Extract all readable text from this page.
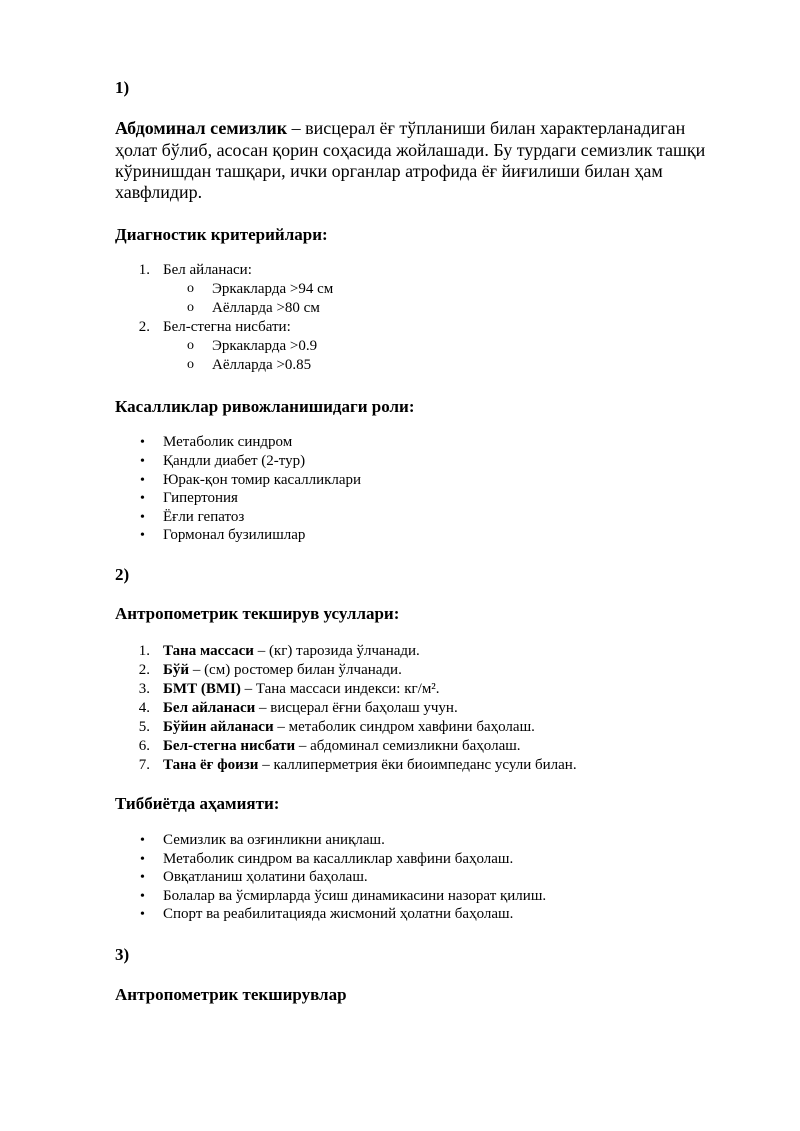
1)
Абдоминал семизлик – висцерал ёғ тўпланиши билан характерланадиган
ҳолат бўлиб, асосан қорин соҳасида жойлашади. Бу турдаги семизлик ташқи
кўринишдан ташқари, ички органлар атрофида ёғ йиғилиши билан ҳам
хавфлидир.
Диагностик критерийлари:
1. Бел айланаси:
o Эркакларда >94 см
o Аёлларда >80 см
2. Бел-стегна нисбати:
o Эркакларда >0.9
o Аёлларда >0.85
Касалликлар ривожланишидаги роли:
• Метаболик синдром
• Қандли диабет (2-тур)
• Юрак-қон томир касалликлари
• Гипертония
• Ёғли гепатоз
• Гормонал бузилишлар
2)
Антропометрик текширув усуллари:
1. Тана массаси – (кг) тарозида ўлчанади.
2. Бўй – (см) ростомер билан ўлчанади.
3. БМТ (BMI) – Тана массаси индекси: кг/м².
4. Бел айланаси – висцерал ёғни баҳолаш учун.
5. Бўйин айланаси – метаболик синдром хавфини баҳолаш.
6. Бел-стегна нисбати – абдоминал семизликни баҳолаш.
7. Тана ёғ фоизи – каллиперметрия ёки биоимпеданс усули билан.
Тиббиётда аҳамияти:
• Семизлик ва озғинликни аниқлаш.
• Метаболик синдром ва касалликлар хавфини баҳолаш.
• Овқатланиш ҳолатини баҳолаш.
• Болалар ва ўсмирларда ўсиш динамикасини назорат қилиш.
• Спорт ва реабилитацияда жисмоний ҳолатни баҳолаш.
3)
Антропометрик текширувлар
